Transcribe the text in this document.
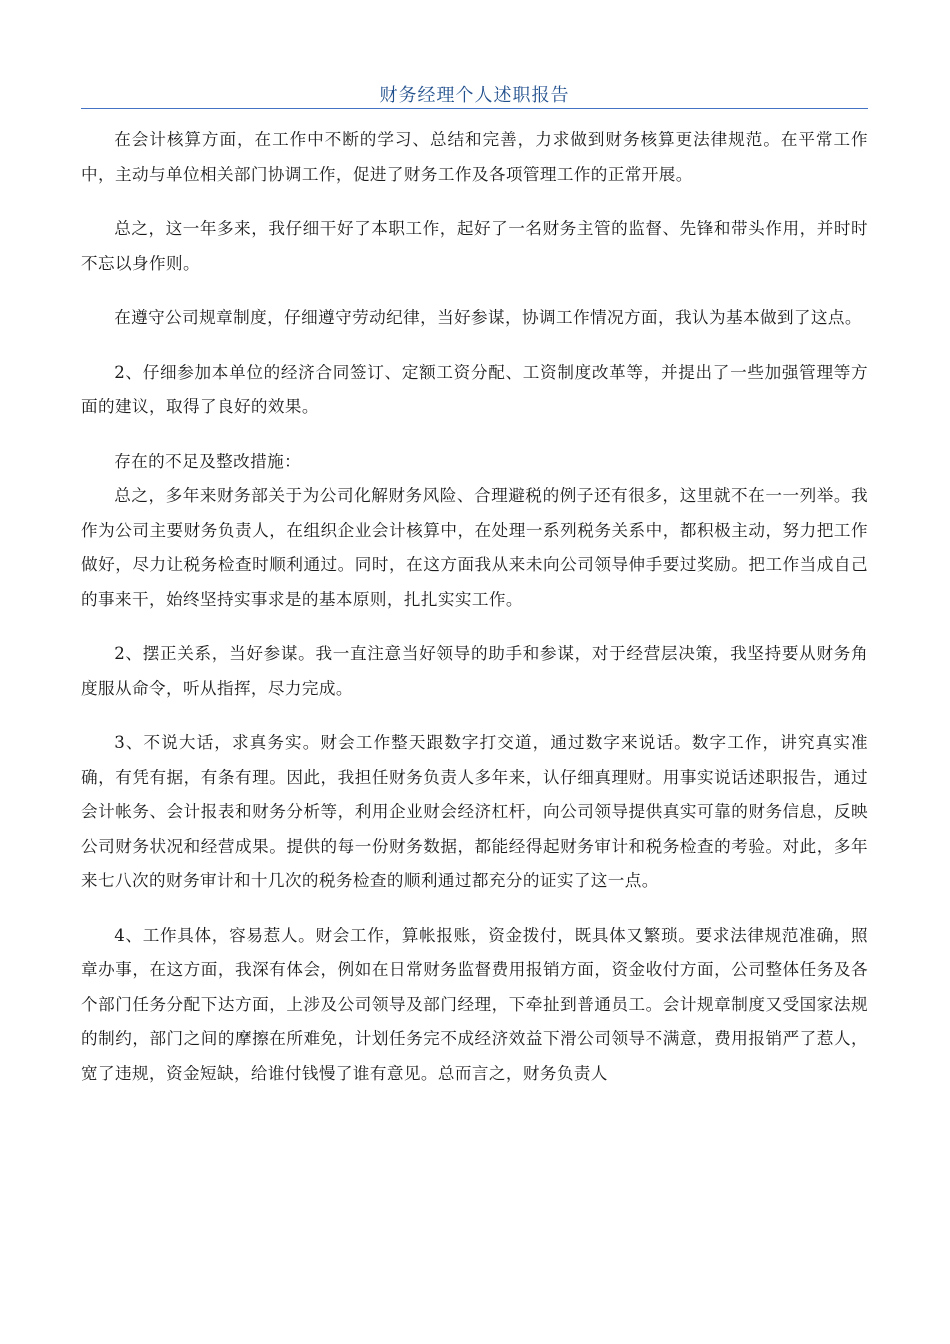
财务经理个人述职报告

在会计核算方面，在工作中不断的学习、总结和完善，力求做到财务核算更法律规范。在平常工作中，主动与单位相关部门协调工作，促进了财务工作及各项管理工作的正常开展。

总之，这一年多来，我仔细干好了本职工作，起好了一名财务主管的监督、先锋和带头作用，并时时不忘以身作则。

在遵守公司规章制度，仔细遵守劳动纪律，当好参谋，协调工作情况方面，我认为基本做到了这点。

2、仔细参加本单位的经济合同签订、定额工资分配、工资制度改革等，并提出了一些加强管理等方面的建议，取得了良好的效果。

存在的不足及整改措施：

总之，多年来财务部关于为公司化解财务风险、合理避税的例子还有很多，这里就不在一一列举。我作为公司主要财务负责人，在组织企业会计核算中，在处理一系列税务关系中，都积极主动，努力把工作做好，尽力让税务检查时顺利通过。同时，在这方面我从来未向公司领导伸手要过奖励。把工作当成自己的事来干，始终坚持实事求是的基本原则，扎扎实实工作。

2、摆正关系，当好参谋。我一直注意当好领导的助手和参谋，对于经营层决策，我坚持要从财务角度服从命令，听从指挥，尽力完成。

3、不说大话，求真务实。财会工作整天跟数字打交道，通过数字来说话。数字工作，讲究真实准确，有凭有据，有条有理。因此，我担任财务负责人多年来，认仔细真理财。用事实说话述职报告，通过会计帐务、会计报表和财务分析等，利用企业财会经济杠杆，向公司领导提供真实可靠的财务信息，反映公司财务状况和经营成果。提供的每一份财务数据，都能经得起财务审计和税务检查的考验。对此，多年来七八次的财务审计和十几次的税务检查的顺利通过都充分的证实了这一点。

4、工作具体，容易惹人。财会工作，算帐报账，资金拨付，既具体又繁琐。要求法律规范准确，照章办事，在这方面，我深有体会，例如在日常财务监督费用报销方面，资金收付方面，公司整体任务及各个部门任务分配下达方面，上涉及公司领导及部门经理，下牵扯到普通员工。会计规章制度又受国家法规的制约，部门之间的摩擦在所难免，计划任务完不成经济效益下滑公司领导不满意，费用报销严了惹人，宽了违规，资金短缺，给谁付钱慢了谁有意见。总而言之，财务负责人
